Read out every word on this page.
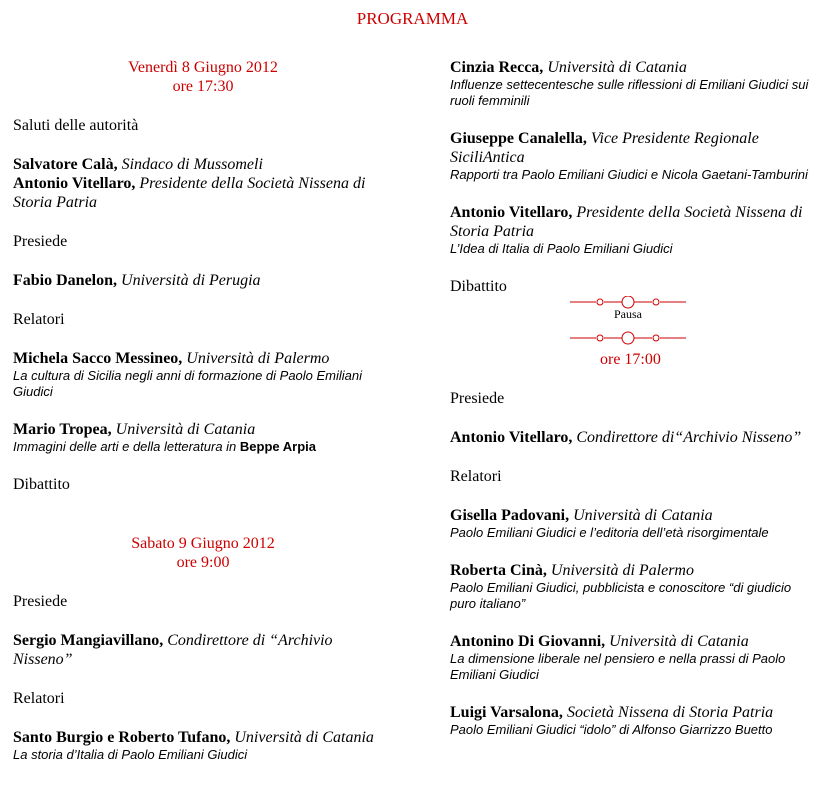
PROGRAMMA
Venerdì 8 Giugno 2012
ore 17:30
Saluti delle autorità
Salvatore Calà, Sindaco di Mussomeli
Antonio Vitellaro, Presidente della Società Nissena di Storia Patria
Presiede
Fabio Danelon, Università di Perugia
Relatori
Michela Sacco Messineo, Università di Palermo
La cultura di Sicilia negli anni di formazione di Paolo Emiliani Giudici
Mario Tropea, Università di Catania
Immagini delle arti e della letteratura in Beppe Arpia
Dibattito
Sabato 9 Giugno 2012
ore 9:00
Presiede
Sergio Mangiavillano, Condirettore di “Archivio Nisseno”
Relatori
Santo Burgio e Roberto Tufano, Università di Catania
La storia d’Italia di Paolo Emiliani Giudici
Cinzia Recca, Università di Catania
Influenze settecentesche sulle riflessioni di Emiliani Giudici sui ruoli femminili
Giuseppe Canalella, Vice Presidente Regionale SiciliAntica
Rapporti tra Paolo Emiliani Giudici e Nicola Gaetani-Tamburini
Antonio Vitellaro, Presidente della Società Nissena di Storia Patria
L’Idea di Italia di Paolo Emiliani Giudici
Dibattito
Pausa
ore 17:00
Presiede
Antonio Vitellaro, Condirettore di“Archivio Nisseno”
Relatori
Gisella Padovani, Università di Catania
Paolo Emiliani Giudici e l’editoria dell’età risorgimentale
Roberta Cinà, Università di Palermo
Paolo Emiliani Giudici, pubblicista e conoscitore “di giudicio puro italiano”
Antonino Di Giovanni, Università di Catania
La dimensione liberale nel pensiero e nella prassi di Paolo Emiliani Giudici
Luigi Varsalona, Società Nissena di Storia Patria
Paolo Emiliani Giudici “idolo” di Alfonso Giarrizzo Buetto
